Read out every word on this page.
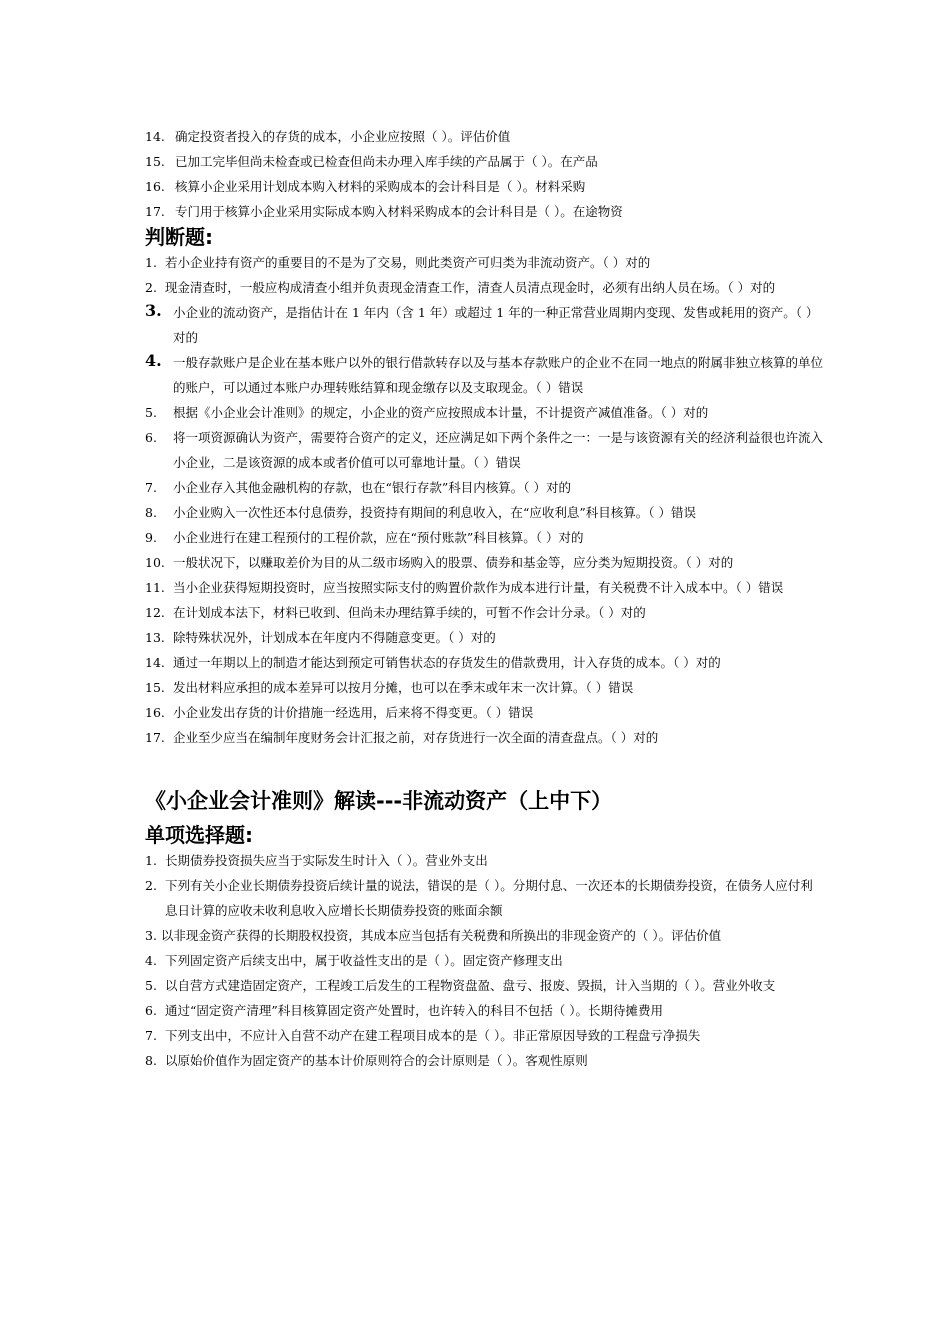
14. 确定投资者投入的存货的成本，小企业应按照（ ）。评估价值
15. 已加工完毕但尚未检查或已检查但尚未办理入库手续的产品属于（ ）。在产品
16. 核算小企业采用计划成本购入材料的采购成本的会计科目是（ ）。材料采购
17. 专门用于核算小企业采用实际成本购入材料采购成本的会计科目是（ ）。在途物资
判断题:
1. 若小企业持有资产的重要目的不是为了交易，则此类资产可归类为非流动资产。（ ）对的
2. 现金清查时，一般应构成清查小组并负责现金清查工作，清查人员清点现金时，必须有出纳人员在场。（ ）对的
3. 小企业的流动资产，是指估计在 1 年内（含 1 年）或超过 1 年的一种正常营业周期内变现、发售或耗用的资产。（ ）对的
4. 一般存款账户是企业在基本账户以外的银行借款转存以及与基本存款账户的企业不在同一地点的附属非独立核算的单位的账户，可以通过本账户办理转账结算和现金缴存以及支取现金。（ ）错误
5. 根据《小企业会计准则》的规定，小企业的资产应按照成本计量，不计提资产减值准备。（ ）对的
6. 将一项资源确认为资产，需要符合资产的定义，还应满足如下两个条件之一：一是与该资源有关的经济利益很也许流入小企业，二是该资源的成本或者价值可以可靠地计量。（ ）错误
7. 小企业存入其他金融机构的存款，也在“银行存款”科目内核算。（ ）对的
8. 小企业购入一次性还本付息债券，投资持有期间的利息收入，在“应收利息”科目核算。（ ）错误
9. 小企业进行在建工程预付的工程价款，应在“预付账款”科目核算。（ ）对的
10. 一般状况下，以赚取差价为目的从二级市场购入的股票、债券和基金等，应分类为短期投资。（ ）对的
11. 当小企业获得短期投资时，应当按照实际支付的购置价款作为成本进行计量，有关税费不计入成本中。（ ）错误
12. 在计划成本法下，材料已收到、但尚未办理结算手续的，可暂不作会计分录。（ ）对的
13. 除特殊状况外，计划成本在年度内不得随意变更。（ ）对的
14. 通过一年期以上的制造才能达到预定可销售状态的存货发生的借款费用，计入存货的成本。（ ）对的
15. 发出材料应承担的成本差异可以按月分摊，也可以在季末或年末一次计算。（ ）错误
16. 小企业发出存货的计价措施一经选用，后来将不得变更。（ ）错误
17. 企业至少应当在编制年度财务会计汇报之前，对存货进行一次全面的清查盘点。（ ）对的
《小企业会计准则》解读---非流动资产（上中下）
单项选择题:
1. 长期债券投资损失应当于实际发生时计入（ ）。营业外支出
2. 下列有关小企业长期债券投资后续计量的说法，错误的是（ ）。分期付息、一次还本的长期债券投资，在债务人应付利息日计算的应收未收利息收入应增长长期债券投资的账面余额
3. 以非现金资产获得的长期股权投资，其成本应当包括有关税费和所换出的非现金资产的（ ）。评估价值
4. 下列固定资产后续支出中，属于收益性支出的是（ ）。固定资产修理支出
5. 以自营方式建造固定资产，工程竣工后发生的工程物资盘盈、盘亏、报废、毁损，计入当期的（ ）。营业外收支
6. 通过“固定资产清理”科目核算固定资产处置时，也许转入的科目不包括（ ）。长期待摊费用
7. 下列支出中，不应计入自营不动产在建工程项目成本的是（ ）。非正常原因导致的工程盘亏净损失
8. 以原始价值作为固定资产的基本计价原则符合的会计原则是（ ）。客观性原则
